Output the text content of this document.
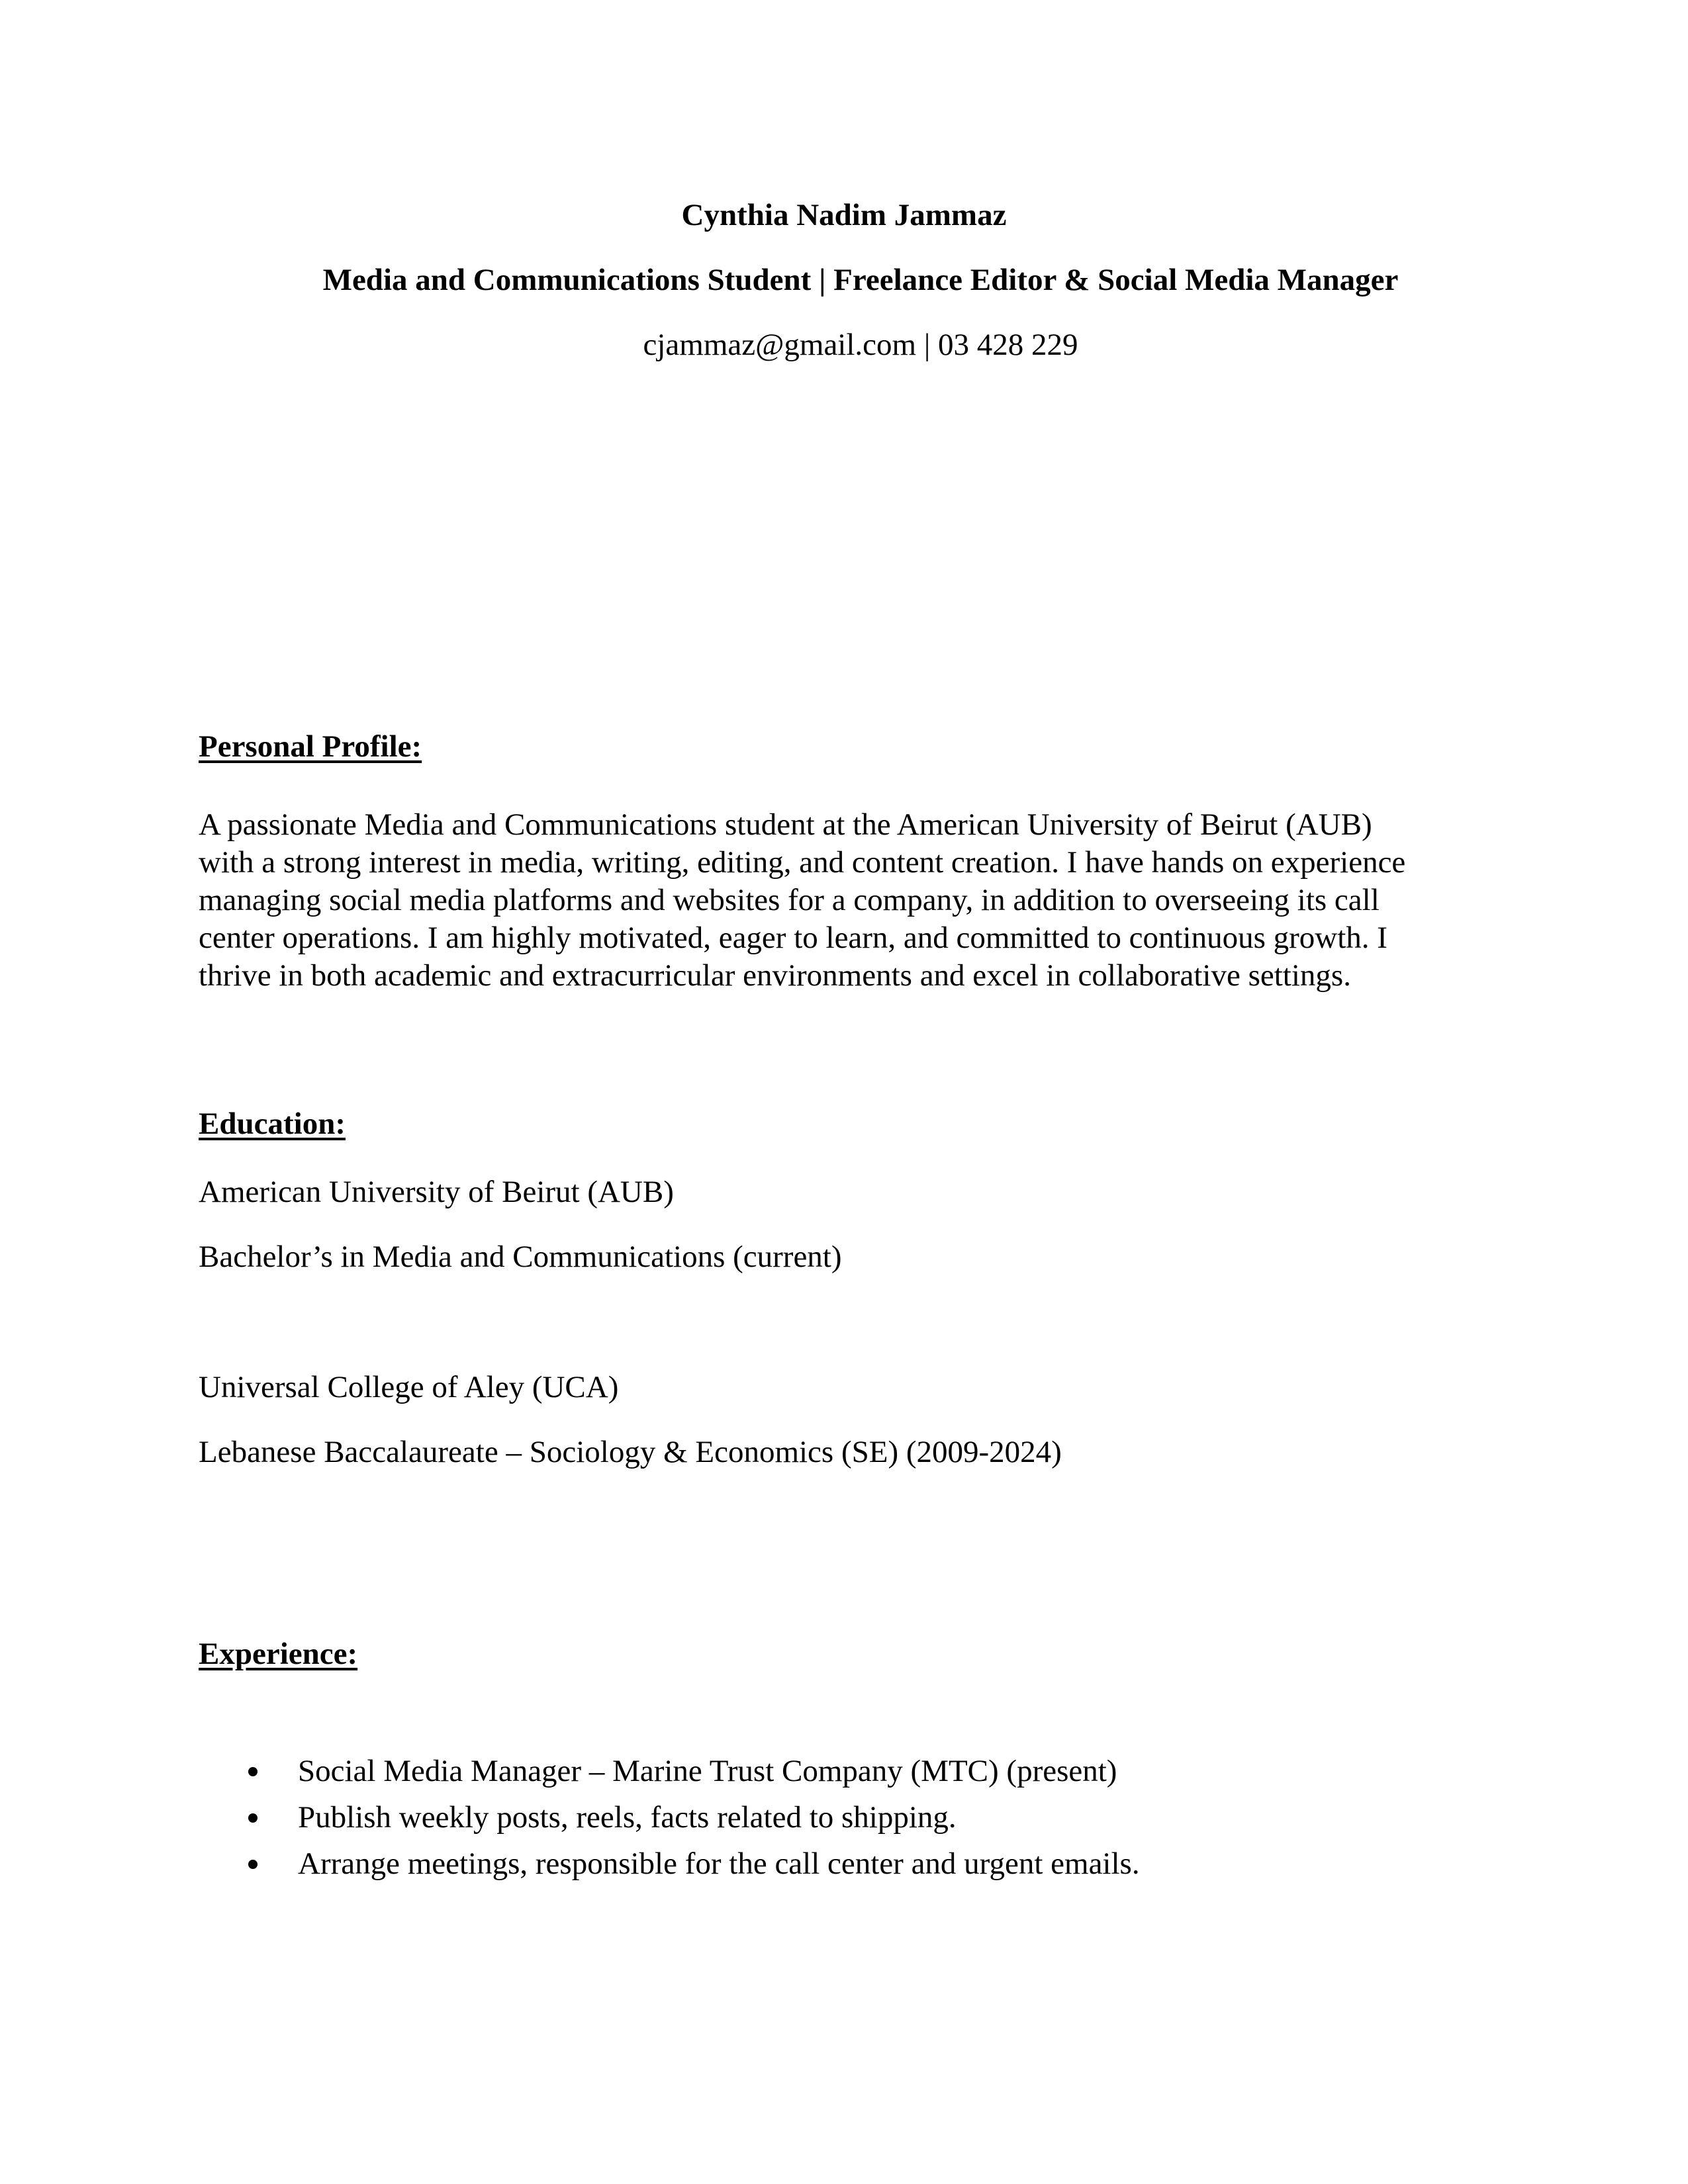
Cynthia Nadim Jammaz
Media and Communications Student | Freelance Editor & Social Media Manager
cjammaz@gmail.com | 03 428 229
Personal Profile:

A passionate Media and Communications student at the American University of Beirut (AUB)
with a strong interest in media, writing, editing, and content creation. I have hands on experience
managing social media platforms and websites for a company, in addition to overseeing its call
center operations. I am highly motivated, eager to learn, and committed to continuous growth. I
thrive in both academic and extracurricular environments and excel in collaborative settings.

Education:
American University of Beirut (AUB)
Bachelor’s in Media and Communications (current)
Universal College of Aley (UCA)
Lebanese Baccalaureate – Sociology & Economics (SE) (2009-2024)
Experience:
Social Media Manager – Marine Trust Company (MTC) (present)
Publish weekly posts, reels, facts related to shipping.
Arrange meetings, responsible for the call center and urgent emails.
